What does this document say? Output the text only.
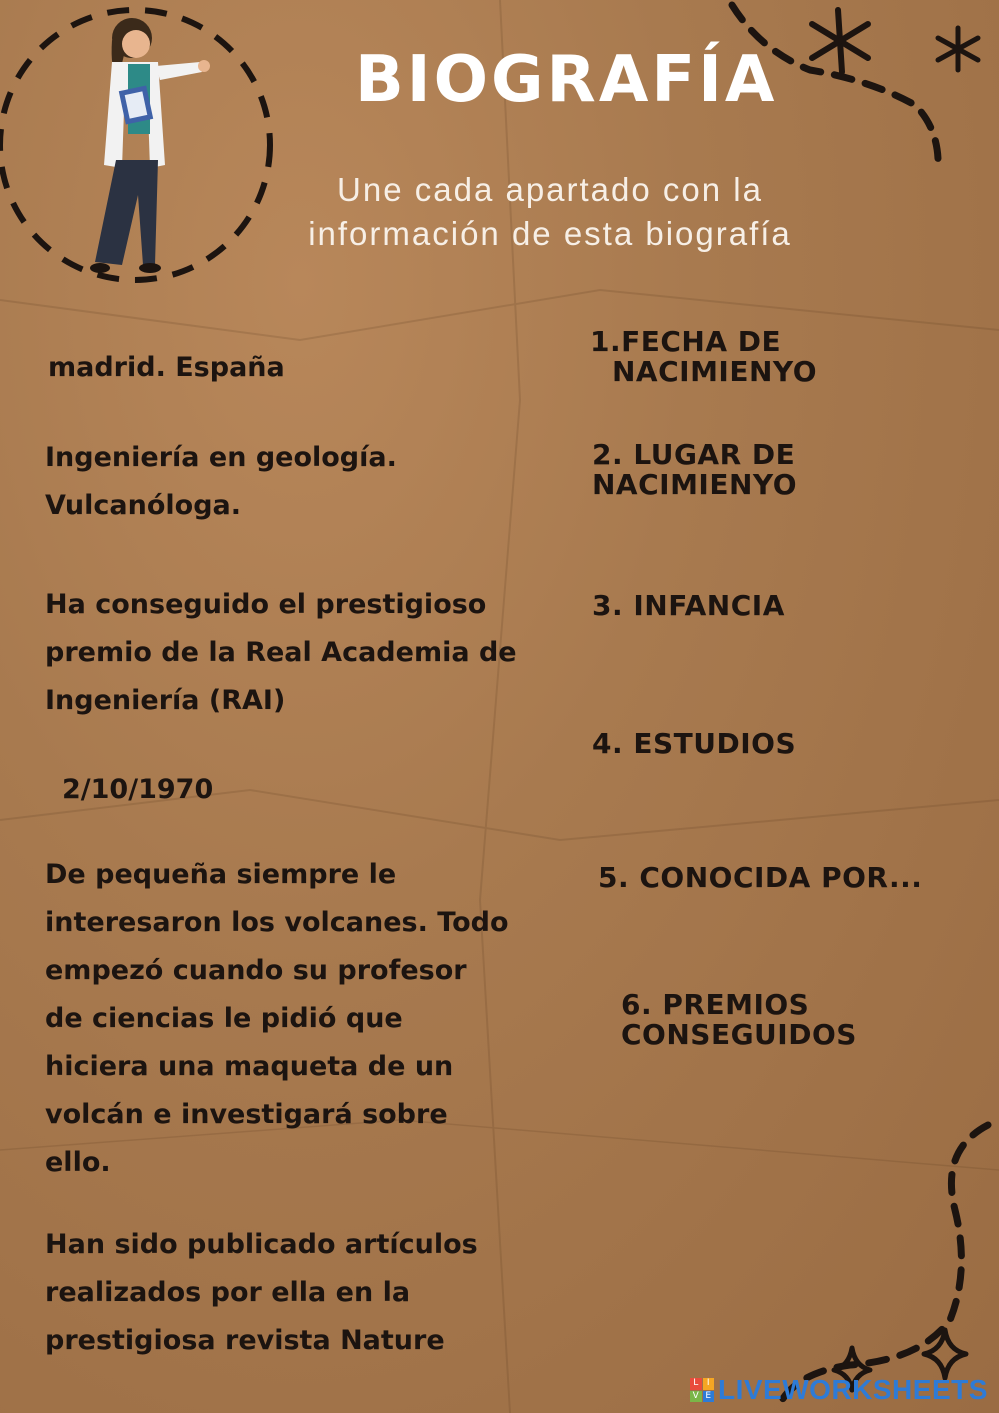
BIOGRAFÍA
Une cada apartado con la
información de esta biografía
madrid. España
Ingeniería en geología.
Vulcanóloga.
Ha conseguido el prestigioso
premio de la Real Academia de
Ingeniería (RAI)
2/10/1970
De pequeña siempre le
interesaron los volcanes. Todo
empezó cuando su profesor
de ciencias le pidió que
hiciera una maqueta de un
volcán e investigará sobre
ello.
Han sido publicado artículos
realizados por ella en la
prestigiosa revista Nature
1.FECHA DE
NACIMIENYO
2. LUGAR DE
NACIMIENYO
3. INFANCIA
4. ESTUDIOS
5. CONOCIDA POR...
6. PREMIOS
CONSEGUIDOS
L I
V E LIVEWORKSHEETS
